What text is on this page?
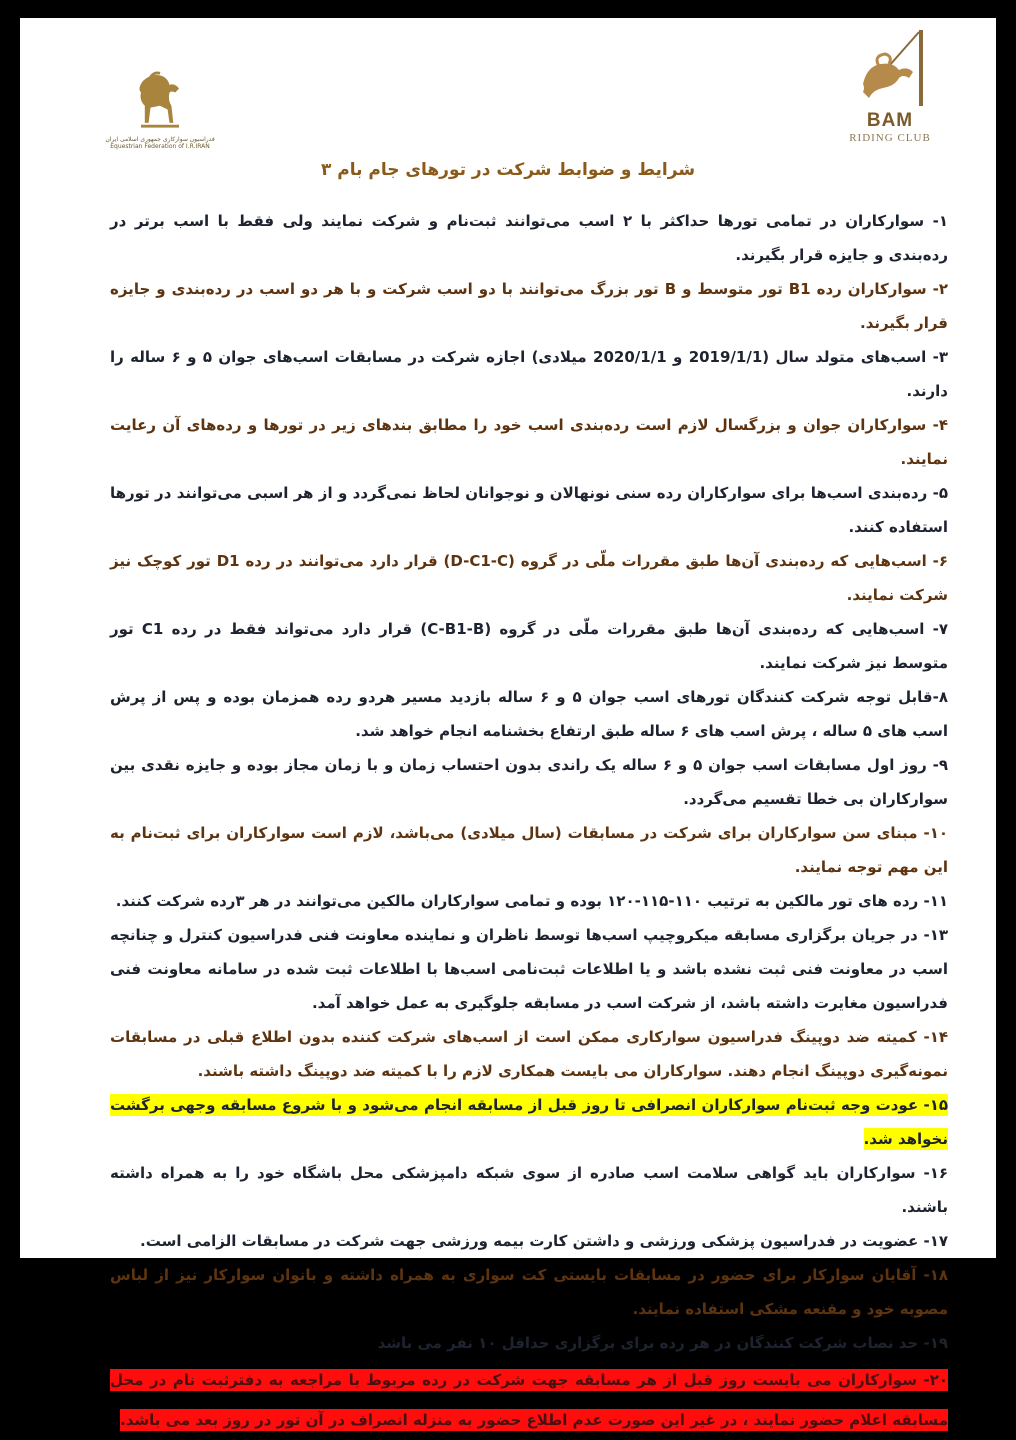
فدراسیون سوارکاری جمهوری اسلامی ایران
Equestrian Federation of I.R.IRAN
BAM
RIDING CLUB
شرایط و ضوابط شرکت در تورهای جام بام ۳
۱- سوارکاران در تمامی تورها حداکثر با ۲ اسب می‌توانند ثبت‌نام و شرکت نمایند ولی فقط با اسب برتر در رده‌بندی و جایزه قرار بگیرند.
۲- سوارکاران رده B1 تور متوسط و B تور بزرگ می‌توانند با دو اسب شرکت و با هر دو اسب در رده‌بندی و جایزه قرار بگیرند.
۳- اسب‌های متولد سال (2019/1/1 و 2020/1/1 میلادی) اجازه شرکت در مسابقات اسب‌های جوان ۵ و ۶ ساله را دارند.
۴- سوارکاران جوان و بزرگسال لازم است رده‌بندی اسب خود را مطابق بندهای زیر در تورها و رده‌های آن رعایت نمایند.
۵- رده‌بندی اسب‌ها برای سوارکاران رده سنی نونهالان و نوجوانان لحاظ نمی‌گردد و از هر اسبی می‌توانند در تورها استفاده کنند.
۶- اسب‌هایی که رده‌بندی آن‌ها طبق مقررات ملّی در گروه (D-C1-C) قرار دارد می‌توانند در رده D1 تور کوچک نیز شرکت نمایند.
۷- اسب‌هایی که رده‌بندی آن‌ها طبق مقررات ملّی در گروه (C-B1-B) قرار دارد می‌تواند فقط در رده C1 تور متوسط نیز شرکت نمایند.
۸-قابل توجه شرکت کنندگان تورهای اسب جوان ۵ و ۶ ساله بازدید مسیر هردو رده همزمان بوده و پس از پرش اسب های ۵ ساله ، پرش اسب های ۶ ساله طبق ارتفاع بخشنامه انجام خواهد شد.
۹- روز اول مسابقات اسب جوان ۵ و ۶ ساله یک راندی بدون احتساب زمان و با زمان مجاز بوده و جایزه نقدی بین سوارکاران بی خطا تقسیم می‌گردد.
۱۰- مبنای سن سوارکاران برای شرکت در مسابقات (سال میلادی) می‌باشد، لازم است سوارکاران برای ثبت‌نام به این مهم توجه نمایند.
۱۱- رده های تور مالکین به ترتیب ۱۱۰-۱۱۵-۱۲۰ بوده و تمامی سوارکاران مالکین می‌توانند در هر ۳رده شرکت کنند.
۱۳- در جریان برگزاری مسابقه میکروچیپ اسب‌ها توسط ناظران و نماینده معاونت فنی فدراسیون کنترل و چنانچه اسب در معاونت فنی ثبت نشده باشد و یا اطلاعات ثبت‌نامی اسب‌ها با اطلاعات ثبت شده در سامانه معاونت فنی فدراسیون مغایرت داشته باشد، از شرکت اسب در مسابقه جلوگیری به عمل خواهد آمد.
۱۴- کمیته ضد دوپینگ فدراسیون سوارکاری ممکن است از اسب‌های شرکت کننده بدون اطلاع قبلی در مسابقات نمونه‌گیری دوپینگ انجام دهند. سوارکاران می بایست همکاری لازم را با کمیته ضد دوپینگ داشته باشند.
۱۵- عودت وجه ثبت‌نام سوارکاران انصرافی تا روز قبل از مسابقه انجام می‌شود و با شروع مسابقه وجهی برگشت نخواهد شد.
۱۶- سوارکاران باید گواهی سلامت اسب صادره از سوی شبکه دامپزشکی محل باشگاه خود را به همراه داشته باشند.
۱۷- عضویت در فدراسیون پزشکی ورزشی و داشتن کارت بیمه ورزشی جهت شرکت در مسابقات الزامی است.
۱۸- آقایان سوارکار برای حضور در مسابقات بایستی کت سواری به همراه داشته و بانوان سوارکار نیز از لباس مصوبه خود و مقنعه مشکی استفاده نمایند.
۱۹- حد نصاب شرکت کنندگان در هر رده برای برگزاری حداقل ۱۰ نفر می باشد
۲۰- سوارکاران می بایست روز قبل از هر مسابقه جهت شرکت در رده مربوط با مراجعه به دفترثبت نام در محل مسابقه اعلام حضور نمایند ، در غیر این صورت عدم اطلاع حضور به منزله انصراف در آن تور در روز بعد می باشد.
